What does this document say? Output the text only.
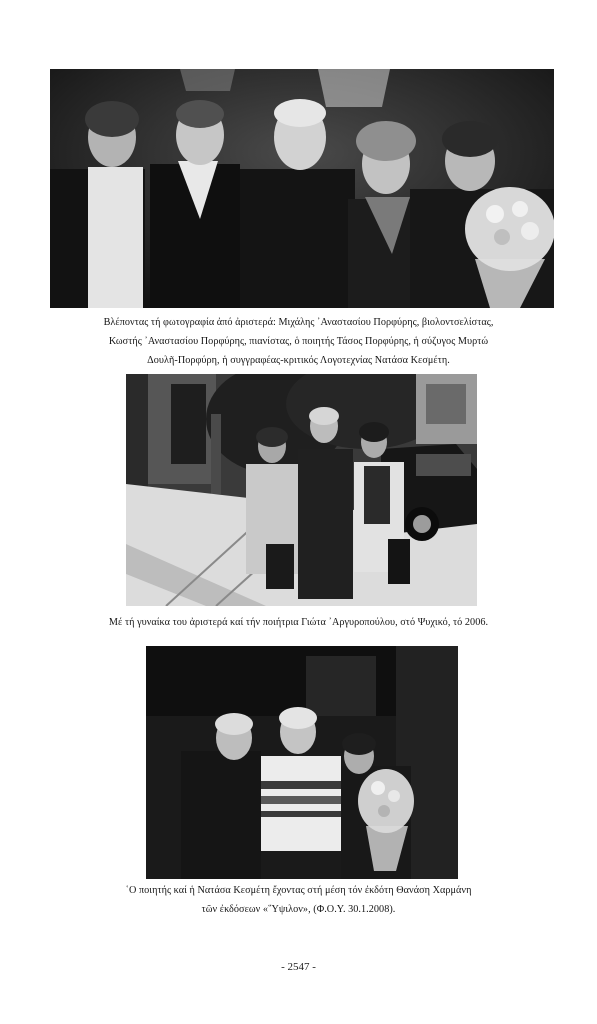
Βλέποντας τή φωτογραφία ἀπό ἀριστερά: Μιχάλης ᾿Αναστασίου Πορφύρης, βιολοντσελίστας,
Κωστής ᾿Αναστασίου Πορφύρης, πιανίστας, ὁ ποιητής Τάσος Πορφύρης, ἡ σύζυγος Μυρτώ
Δουλῆ-Πορφύρη, ἡ συγγραφέας-κριτικός Λογοτεχνίας Νατάσα Κεσμέτη.
Μέ τή γυναίκα του ἀριστερά καί τήν ποιήτρια Γιώτα ᾿Αργυροπούλου, στό Ψυχικό, τό 2006.
῾Ο ποιητής καί ἡ Νατάσα Κεσμέτη ἔχοντας στή μέση τόν ἐκδότη Θανάση Χαρμάνη
τῶν ἐκδόσεων «῞Υψιλον», (Φ.Ο.Υ. 30.1.2008).
- 2547 -
